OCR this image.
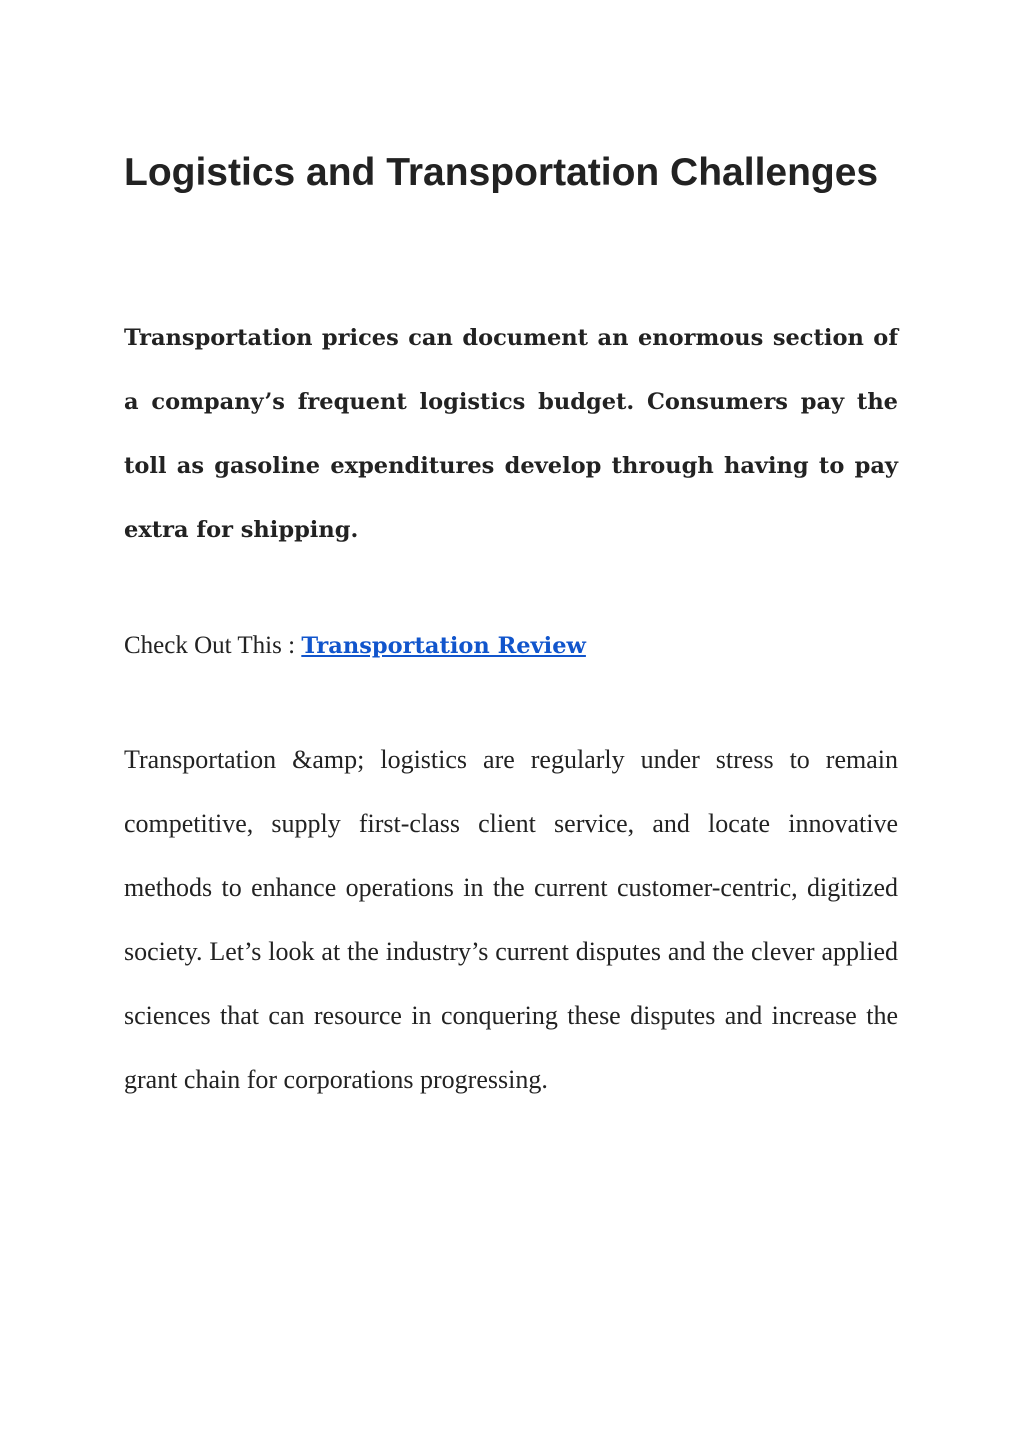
Logistics and Transportation Challenges

Transportation prices can document an enormous section of a company’s frequent logistics budget. Consumers pay the toll as gasoline expenditures develop through having to pay extra for shipping.

Check Out This : Transportation Review

Transportation &amp; logistics are regularly under stress to remain competitive, supply first-class client service, and locate innovative methods to enhance operations in the current customer-centric, digitized society. Let’s look at the industry’s current disputes and the clever applied sciences that can resource in conquering these disputes and increase the grant chain for corporations progressing.
